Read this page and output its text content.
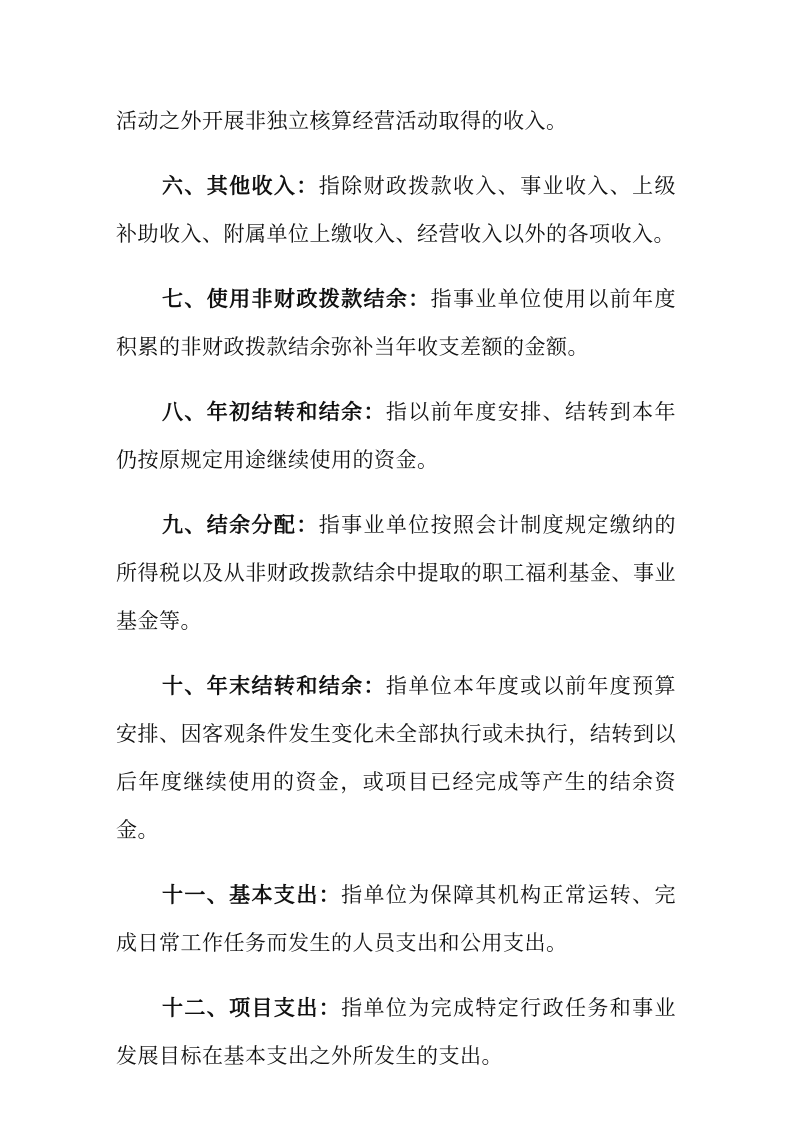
活动之外开展非独立核算经营活动取得的收入。

六、其他收入：指除财政拨款收入、事业收入、上级补助收入、附属单位上缴收入、经营收入以外的各项收入。

七、使用非财政拨款结余：指事业单位使用以前年度积累的非财政拨款结余弥补当年收支差额的金额。

八、年初结转和结余：指以前年度安排、结转到本年仍按原规定用途继续使用的资金。

九、结余分配：指事业单位按照会计制度规定缴纳的所得税以及从非财政拨款结余中提取的职工福利基金、事业基金等。

十、年末结转和结余：指单位本年度或以前年度预算安排、因客观条件发生变化未全部执行或未执行，结转到以后年度继续使用的资金，或项目已经完成等产生的结余资金。

十一、基本支出：指单位为保障其机构正常运转、完成日常工作任务而发生的人员支出和公用支出。

十二、项目支出：指单位为完成特定行政任务和事业发展目标在基本支出之外所发生的支出。
